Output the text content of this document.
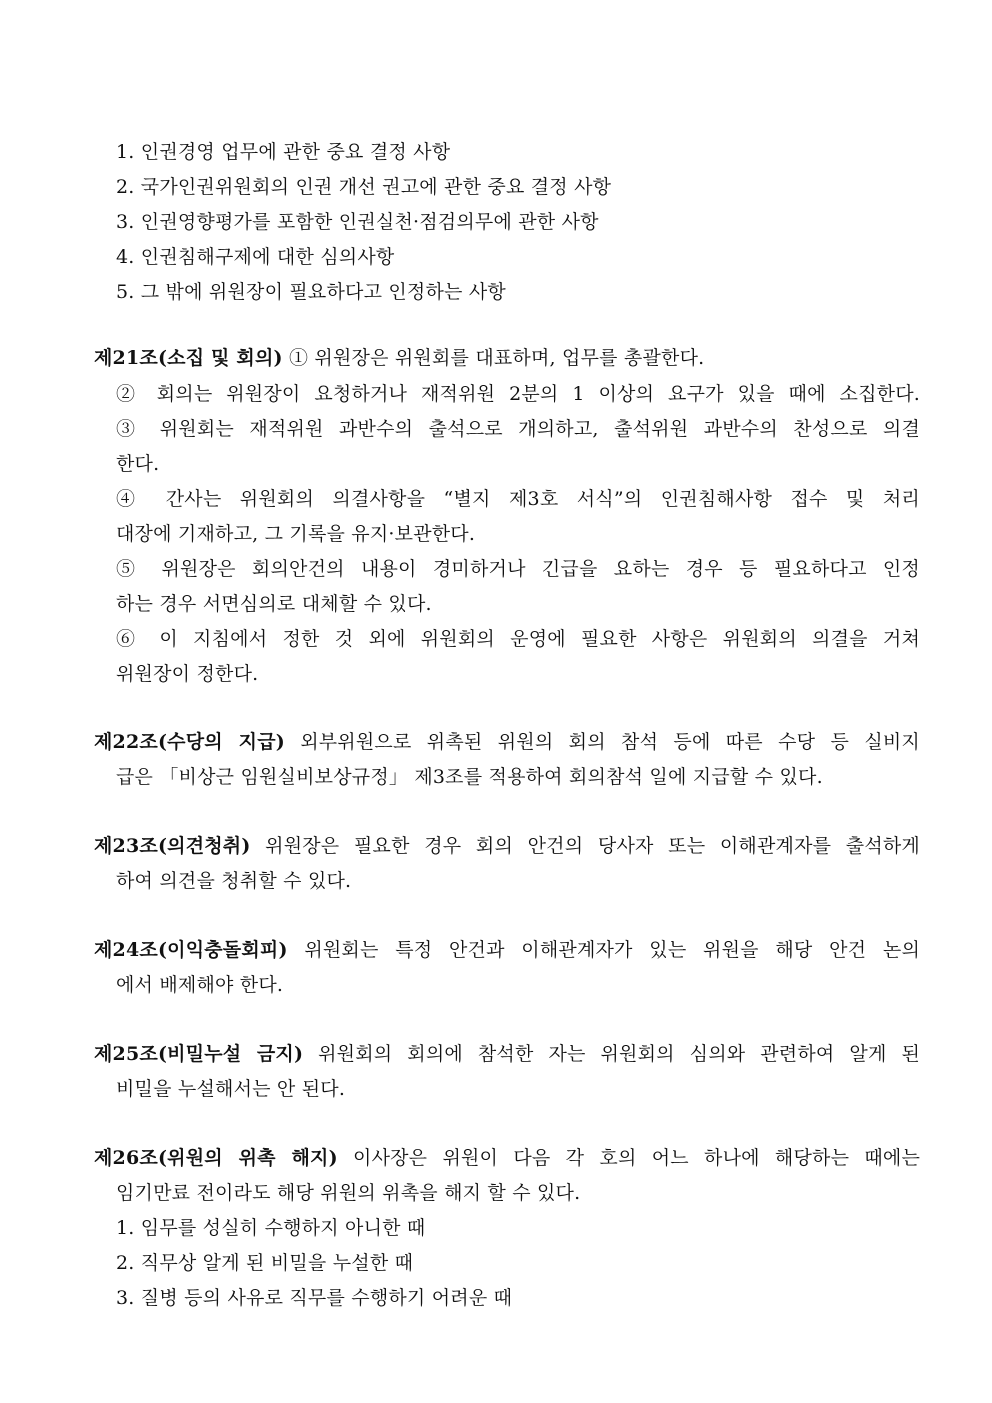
1. 인권경영 업무에 관한 중요 결정 사항
2. 국가인권위원회의 인권 개선 권고에 관한 중요 결정 사항
3. 인권영향평가를 포함한 인권실천·점검의무에 관한 사항
4. 인권침해구제에 대한 심의사항
5. 그 밖에 위원장이 필요하다고 인정하는 사항
제21조(소집 및 회의) ① 위원장은 위원회를 대표하며, 업무를 총괄한다.
② 회의는 위원장이 요청하거나 재적위원 2분의 1 이상의 요구가 있을 때에 소집한다.
③ 위원회는 재적위원 과반수의 출석으로 개의하고, 출석위원 과반수의 찬성으로 의결
한다.
④ 간사는 위원회의 의결사항을 “별지 제3호 서식”의 인권침해사항 접수 및 처리
대장에 기재하고, 그 기록을 유지·보관한다.
⑤ 위원장은 회의안건의 내용이 경미하거나 긴급을 요하는 경우 등 필요하다고 인정
하는 경우 서면심의로 대체할 수 있다.
⑥ 이 지침에서 정한 것 외에 위원회의 운영에 필요한 사항은 위원회의 의결을 거쳐
위원장이 정한다.
제22조(수당의 지급) 외부위원으로 위촉된 위원의 회의 참석 등에 따른 수당 등 실비지
급은 「비상근 임원실비보상규정」 제3조를 적용하여 회의참석 일에 지급할 수 있다.
제23조(의견청취) 위원장은 필요한 경우 회의 안건의 당사자 또는 이해관계자를 출석하게
하여 의견을 청취할 수 있다.
제24조(이익충돌회피) 위원회는 특정 안건과 이해관계자가 있는 위원을 해당 안건 논의
에서 배제해야 한다.
제25조(비밀누설 금지) 위원회의 회의에 참석한 자는 위원회의 심의와 관련하여 알게 된
비밀을 누설해서는 안 된다.
제26조(위원의 위촉 해지) 이사장은 위원이 다음 각 호의 어느 하나에 해당하는 때에는
임기만료 전이라도 해당 위원의 위촉을 해지 할 수 있다.
1. 임무를 성실히 수행하지 아니한 때
2. 직무상 알게 된 비밀을 누설한 때
3. 질병 등의 사유로 직무를 수행하기 어려운 때
